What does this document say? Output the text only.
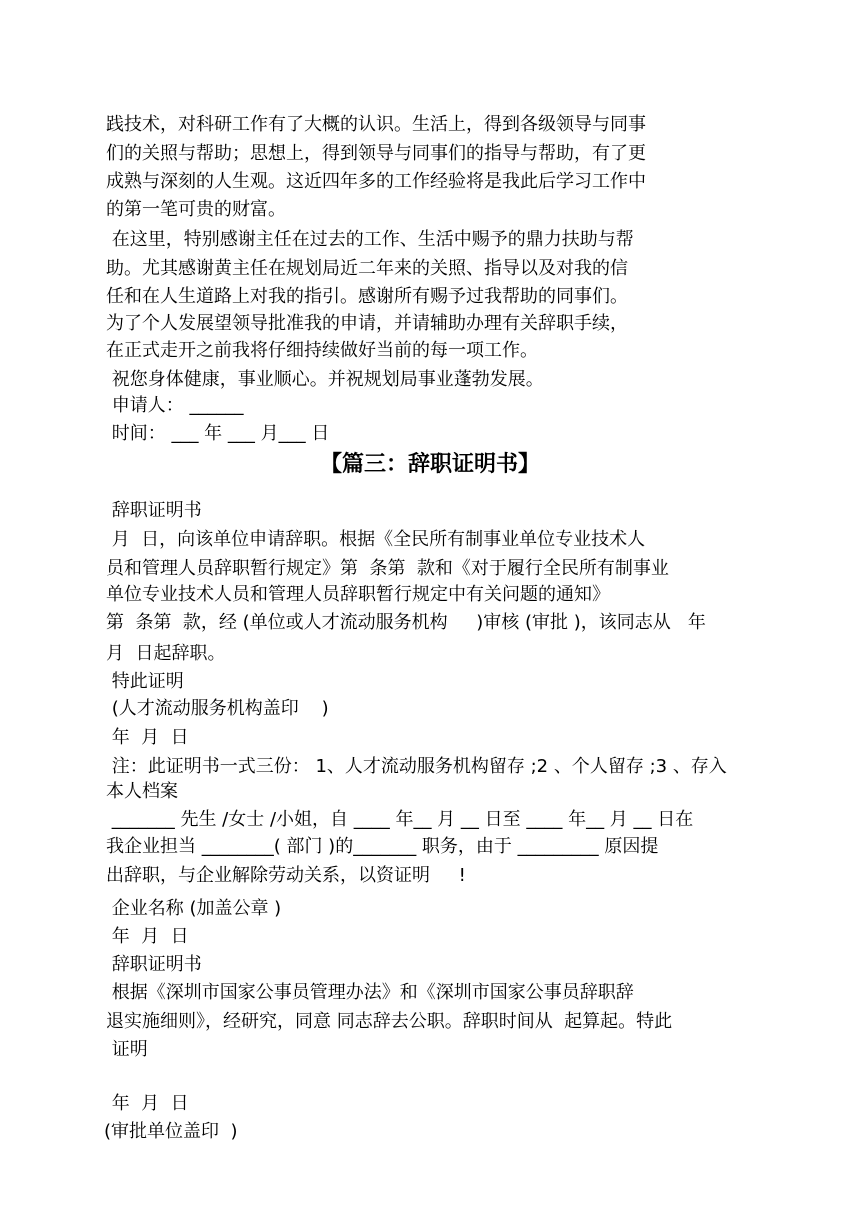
践技术，对科研工作有了大概的认识。生活上，得到各级领导与同事
们的关照与帮助；思想上，得到领导与同事们的指导与帮助，有了更
成熟与深刻的人生观。这近四年多的工作经验将是我此后学习工作中
的第一笔可贵的财富。
在这里，特别感谢主任在过去的工作、生活中赐予的鼎力扶助与帮
助。尤其感谢黄主任在规划局近二年来的关照、指导以及对我的信
任和在人生道路上对我的指引。感谢所有赐予过我帮助的同事们。
为了个人发展望领导批准我的申请，并请辅助办理有关辞职手续，
在正式走开之前我将仔细持续做好当前的每一项工作。
祝您身体健康，事业顺心。并祝规划局事业蓬勃发展。
申请人： ______
时间： ___ 年 ___ 月___ 日
【篇三：辞职证明书】
辞职证明书
月  日，向该单位申请辞职。根据《全民所有制事业单位专业技术人
员和管理人员辞职暂行规定》第  条第  款和《对于履行全民所有制事业
单位专业技术人员和管理人员辞职暂行规定中有关问题的通知》
第  条第  款，经 (单位或人才流动服务机构     )审核 (审批 )，该同志从   年
月  日起辞职。
特此证明
(人才流动服务机构盖印    )
年  月  日
注：此证明书一式三份： 1、人才流动服务机构留存 ;2 、个人留存 ;3 、存入
本人档案
_______ 先生 /女士 /小姐，自 ____ 年__ 月 __ 日至 ____ 年__ 月 __ 日在
我企业担当 ________( 部门 )的_______ 职务，由于 _________ 原因提
出辞职，与企业解除劳动关系，以资证明     !
企业名称 (加盖公章 )
年  月  日
辞职证明书
根据《深圳市国家公事员管理办法》和《深圳市国家公事员辞职辞
退实施细则》，经研究，同意 同志辞去公职。辞职时间从  起算起。特此
证明
年  月  日
(审批单位盖印  )
